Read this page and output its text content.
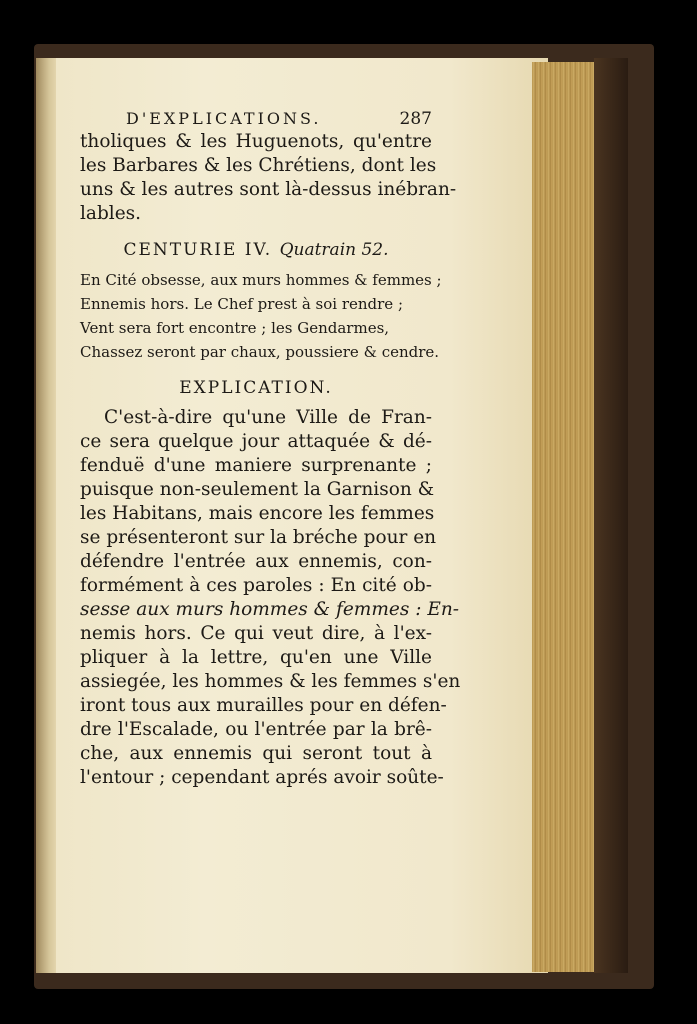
D'EXPLICATIONS.	287
tholiques & les Huguenots, qu'entre
les Barbares & les Chrétiens, dont les
uns & les autres sont là-dessus inébran-
lables.
CENTURIE IV. Quatrain 52.
En Cité obsesse, aux murs hommes & femmes ;
Ennemis hors. Le Chef prest à soi rendre ;
Vent sera fort encontre ; les Gendarmes,
Chassez seront par chaux, poussiere & cendre.
EXPLICATION.
C'est-à-dire qu'une Ville de Fran-
ce sera quelque jour attaquée & dé-
fenduë d'une maniere surprenante ;
puisque non-seulement la Garnison &
les Habitans, mais encore les femmes
se présenteront sur la bréche pour en
défendre l'entrée aux ennemis, con-
formément à ces paroles : En cité ob-
sesse aux murs hommes & femmes : En-
nemis hors. Ce qui veut dire, à l'ex-
pliquer à la lettre, qu'en une Ville
assiegée, les hommes & les femmes s'en
iront tous aux murailles pour en défen-
dre l'Escalade, ou l'entrée par la brê-
che, aux ennemis qui seront tout à
l'entour ; cependant aprés avoir soûte-
